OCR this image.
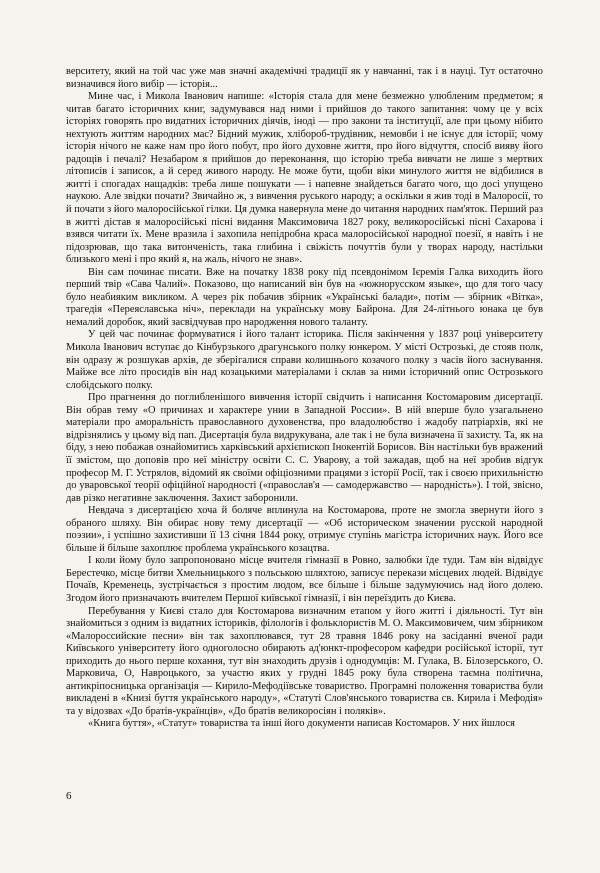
верситету, який на той час уже мав значні академічні традиції як у навчанні, так і в науці. Тут остаточно визначився його вибір — історія...

Мине час, і Микола Іванович напише: «Історія стала для мене безмежно улюбленим предметом; я читав багато історичних книг, задумувався над ними і прийшов до такого запитання: чому це у всіх історіях говорять про видатних історичних діячів, іноді — про закони та інституції, але при цьому нібито нехтують життям народних мас? Бідний мужик, хлібороб-трудівник, немовби і не існує для історії; чому історія нічого не каже нам про його побут, про його духовне життя, про його відчуття, спосіб вияву його радощів і печалі? Незабаром я прийшов до переконання, що історію треба вивчати не лише з мертвих літописів і записок, а й серед живого народу. Не може бути, щоби віки минулого життя не відбилися в житті і спогадах нащадків: треба лише пошукати — і напевне знайдеться багато чого, що досі упущено наукою. Але звідки почати? Звичайно ж, з вивчення руського народу; а оскільки я жив тоді в Малоросії, то й почати з його малоросійської гілки. Ця думка навернула мене до читання народних пам'яток. Перший раз в житті дістав я малоросійські пісні видання Максимовича 1827 року, великоросійські пісні Сахарова і взявся читати їх. Мене вразила і захопила непідробна краса малоросійської народної поезії, я навіть і не підозрював, що така витонченість, така глибина і свіжість почуттів були у творах народу, настільки близького мені і про який я, на жаль, нічого не знав».

Він сам починає писати. Вже на початку 1838 року під псевдонімом Ієремія Галка виходить його перший твір «Сава Чалий». Показово, що написаний він був на «южнорусском языке», що для того часу було неабияким викликом. А через рік побачив збірник «Українські балади», потім — збірник «Вітка», трагедія «Переяславська ніч», переклади на українську мову Байрона. Для 24-літнього юнака це був немалий доробок, який засвідчував про народження нового таланту.

У цей час починає формуватися і його талант історика. Після закінчення у 1837 році університету Микола Іванович вступає до Кінбурзького драгунського полку юнкером. У місті Острозькі, де стояв полк, він одразу ж розшукав архів, де зберігалися справи колишнього козачого полку з часів його заснування. Майже все літо просидів він над козацькими матеріалами і склав за ними історичний опис Острозького слобідського полку.

Про прагнення до поглибленішого вивчення історії свідчить і написання Костомаровим дисертації. Він обрав тему «О причинах и характере унии в Западной России». В ній вперше було узагальнено матеріали про аморальність православного духовенства, про владолюбство і жадобу патріархів, які не відрізнялись у цьому від пап. Дисертація була видрукувана, але так і не була визначена її захисту. Та, як на біду, з нею побажав ознайомитись харківський архієпископ Інокентій Борисов. Він настільки був вражений її змістом, що доповів про неї міністру освіти С. С. Уварову, а той зажадав, щоб на неї зробив відгук професор М. Г. Устрялов, відомий як своїми офіціозними працями з історії Росії, так і своєю прихильністю до уваровської теорії офіційної народності («православ'я — самодержавство — народність»). І той, звісно, дав різко негативне заключення. Захист заборонили.

Невдача з дисертацією хоча й боляче вплинула на Костомарова, проте не змогла звернути його з обраного шляху. Він обирає нову тему дисертації — «Об историческом значении русской народной поэзии», і успішно захистивши її 13 січня 1844 року, отримує ступінь магістра історичних наук. Його все більше й більше захоплює проблема українського козацтва.

І коли йому було запропоновано місце вчителя гімназії в Ровно, залюбки їде туди. Там він відвідує Берестечко, місце битви Хмельницького з польською шляхтою, записує перекази місцевих людей. Відвідує Почаїв, Кременець, зустрічається з простим людом, все більше і більше задумуючись над його долею. Згодом його призначають вчителем Першої київської гімназії, і він переїздить до Києва.

Перебування у Києві стало для Костомарова визначним етапом у його житті і діяльності. Тут він знайомиться з одним із видатних істориків, філологів і фольклористів М. О. Максимовичем, чим збірником «Малороссийские песни» він так захоплювався, тут 28 травня 1846 року на засіданні вченої ради Київського університету його одноголосно обирають ад'юнкт-професором кафедри російської історії, тут приходить до нього перше кохання, тут він знаходить друзів і однодумців: М. Гулака, В. Білозерського, О. Марковича, О, Навроцького, за участю яких у грудні 1845 року була створена таємна політична, антикріпосницька організація — Кирило-Мефодіївське товариство. Програмні положення товариства були викладені в «Книзі буття українського народу», «Статуті Слов'янського товариства св. Кирила і Мефодія» та у відозвах «До братів-українців», «До братів великоросіян і поляків».

«Книга буття», «Статут» товариства та інші його документи написав Костомаров. У них йшлося

6
